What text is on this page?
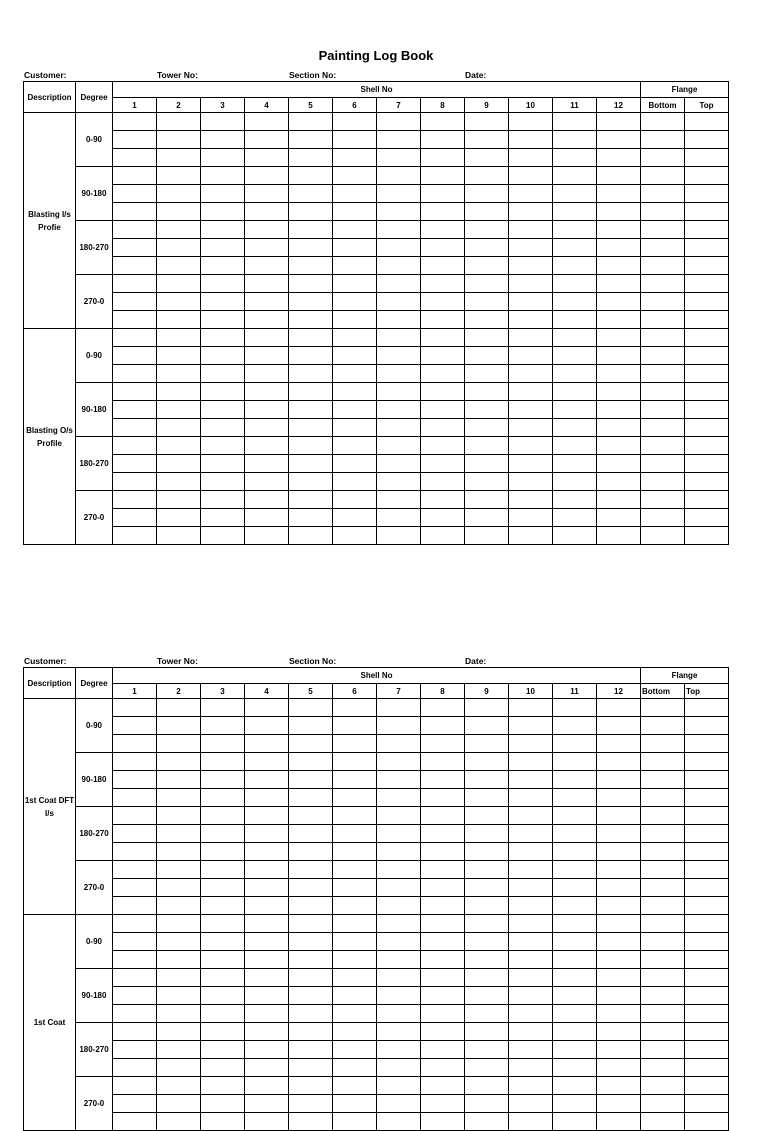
Painting Log Book
Customer:	Tower No:	Section No:	Date:
Description	Degree	Shell No												Flange	
		1	2	3	4	5	6	7	8	9	10	11	12	Bottom	Top
Blasting I/s Profie	0-90														

	90-180														

	180-270														

	270-0														

Blasting O/s Profile	0-90														

	90-180														

	180-270														

	270-0														

Customer:	Tower No:	Section No:	Date:
Description	Degree	Shell No												Flange	
		1	2	3	4	5	6	7	8	9	10	11	12	Bottom	Top
1st Coat DFT I/s	0-90														

	90-180														

	180-270														

	270-0														

1st Coat	0-90														

	90-180														

	180-270														

	270-0														
